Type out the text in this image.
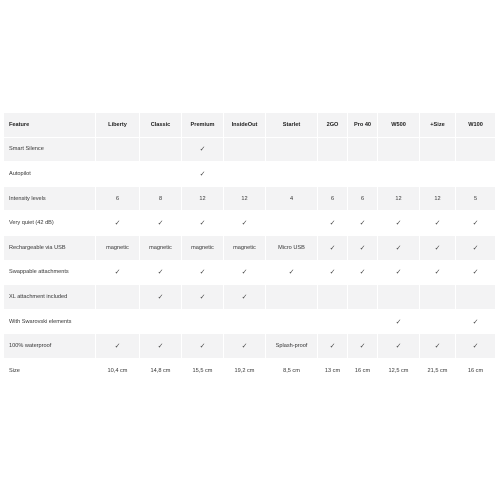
Feature	Liberty	Classic	Premium	InsideOut	Starlet	2GO	Pro 40	W500	+Size	W100
Smart Silence			✓							
Autopilot			✓							
Intensity levels	6	8	12	12	4	6	6	12	12	5
Very quiet (42 dB)	✓	✓	✓	✓		✓	✓	✓	✓	✓
Rechargeable via USB	magnetic	magnetic	magnetic	magnetic	Micro USB	✓	✓	✓	✓	✓
Swappable attachments	✓	✓	✓	✓	✓	✓	✓	✓	✓	✓
XL attachment included		✓	✓	✓						
With Swarovski elements								✓		✓
100% waterproof	✓	✓	✓	✓	Splash-proof	✓	✓	✓	✓	✓
Size	10,4 cm	14,8 cm	15,5 cm	19,2 cm	8,5 cm	13 cm	16 cm	12,5 cm	21,5 cm	16 cm
